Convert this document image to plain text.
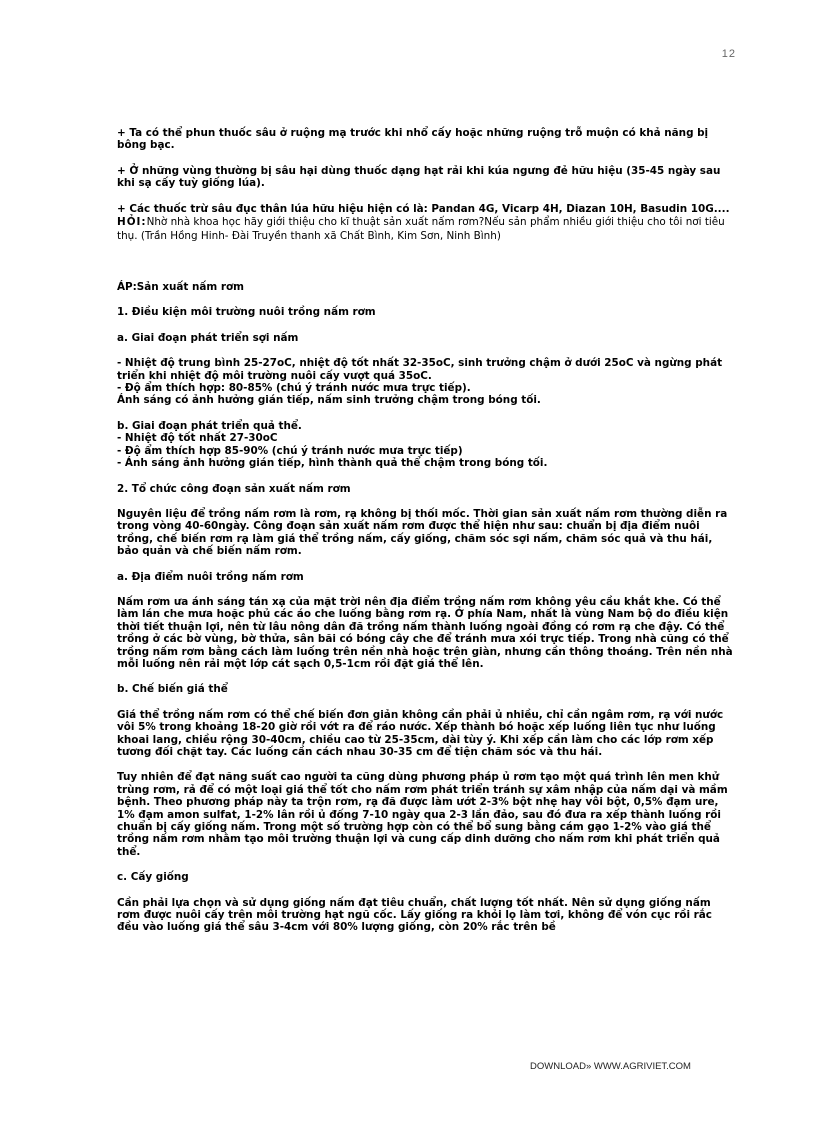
12

+ Ta có thể phun thuốc sâu ở ruộng mạ trước khi nhổ cấy hoặc những ruộng trỗ muộn có khả năng bị bông bạc.

+ Ở những vùng thường bị sâu hại dùng thuốc dạng hạt rải khi kúa ngưng đẻ hữu hiệu (35-45 ngày sau khi sạ cấy tuỳ giống lúa).

+ Các thuốc trừ sâu đục thân lúa hữu hiệu hiện có là: Pandan 4G, Vicarp 4H, Diazan 10H, Basudin 10G....

HỎI:Nhờ nhà khoa học hãy giới thiệu cho kĩ thuật sản xuất nấm rơm?Nếu sản phẩm nhiều giới thiệu cho tôi nơi tiêu thụ. (Trần Hồng Hinh- Đài Truyền thanh xã Chất Bình, Kim Sơn, Ninh Bình)

ÁP:Sản xuất nấm rơm

1. Điều kiện môi trường nuôi trồng nấm rơm

a. Giai đoạn phát triển sợi nấm

- Nhiệt độ trung bình 25-27oC, nhiệt độ tốt nhất 32-35oC, sinh trưởng chậm ở dưới 25oC và ngừng phát triển khi nhiệt độ môi trường nuôi cấy vượt quá 35oC.

- Độ ẩm thích hợp: 80-85% (chú ý tránh nước mưa trực tiếp).

Ánh sáng có ảnh hưởng gián tiếp, nấm sinh trưởng chậm trong bóng tối.

b. Giai đoạn phát triển quả thể.

- Nhiệt độ tốt nhất 27-30oC

- Độ ẩm thích hợp 85-90% (chú ý tránh nước mưa trực tiếp)

- Ánh sáng ảnh hưởng gián tiếp, hình thành quả thể chậm trong bóng tối.

2. Tổ chức công đoạn sản xuất nấm rơm

Nguyên liệu để trồng nấm rơm là rơm, rạ không bị thối mốc. Thời gian sản xuất nấm rơm thường diễn ra trong vòng 40-60ngày. Công đoạn sản xuất nấm rơm được thể hiện như sau: chuẩn bị địa điểm nuôi trồng, chế biến rơm rạ làm giá thể trồng nấm, cấy giống, chăm sóc sợi nấm, chăm sóc quả và thu hái, bảo quản và chế biến nấm rơm.

a. Địa điểm nuôi trồng nấm rơm

Nấm rơm ưa ánh sáng tán xạ của mặt trời nên địa điểm trồng nấm rơm không yêu cầu khắt khe. Có thể làm lán che mưa hoặc phủ các áo che luống bằng rơm rạ. Ở phía Nam, nhất là vùng Nam bộ do điều kiện thời tiết thuận lợi, nên từ lâu nông dân đã trồng nấm thành luống ngoài đồng có rơm rạ che đậy. Có thể trồng ở các bờ vùng, bờ thửa, sân bãi có bóng cây che để tránh mưa xói trực tiếp. Trong nhà cũng có thể trồng nấm rơm bằng cách làm luống trên nền nhà hoặc trên giàn, nhưng cần thông thoáng. Trên nền nhà mỗi luống nên rải một lớp cát sạch 0,5-1cm rồi đặt giá thể lên.

b. Chế biến giá thể

Giá thể trồng nấm rơm có thể chế biến đơn giản không cần phải ủ nhiều, chỉ cần ngâm rơm, rạ với nước vôi 5% trong khoảng 18-20 giờ rồi vớt ra để ráo nước. Xếp thành bó hoặc xếp luống liên tục như luống khoai lang, chiều rộng 30-40cm, chiều cao từ 25-35cm, dài tùy ý. Khi xếp cần làm cho các lớp rơm xếp tương đối chặt tay. Các luống cần cách nhau 30-35 cm để tiện chăm sóc và thu hái.

Tuy nhiên để đạt năng suất cao người ta cũng dùng phương pháp ủ rơm tạo một quá trình lên men khử trùng rơm, rả để có một loại giá thể tốt cho nấm rơm phát triển tránh sự xâm nhập của nấm dại và mầm bệnh. Theo phương pháp này ta trộn rơm, rạ đã được làm ướt 2-3% bột nhẹ hay vôi bột, 0,5% đạm ure, 1% đạm amon sulfat, 1-2% lân rồi ủ đống 7-10 ngày qua 2-3 lần đảo, sau đó đưa ra xếp thành luống rồi chuẩn bị cấy giống nấm. Trong một số trường hợp còn có thể bổ sung bằng cám gạo 1-2% vào giá thể trồng nấm rơm nhằm tạo môi trường thuận lợi và cung cấp dinh dưỡng cho nấm rơm khi phát triển quả thể.

c. Cấy giống

Cần phải lựa chọn và sử dụng giống nấm đạt tiêu chuẩn, chất lượng tốt nhất. Nên sử dụng giống nấm rơm được nuôi cấy trên môi trường hạt ngũ cốc. Lấy giống ra khỏi lọ làm tơi, không để vón cục rồi rắc đều vào luống giá thể sâu 3-4cm với 80% lượng giống, còn 20% rắc trên bề

DOWNLOAD» WWW.AGRIVIET.COM
